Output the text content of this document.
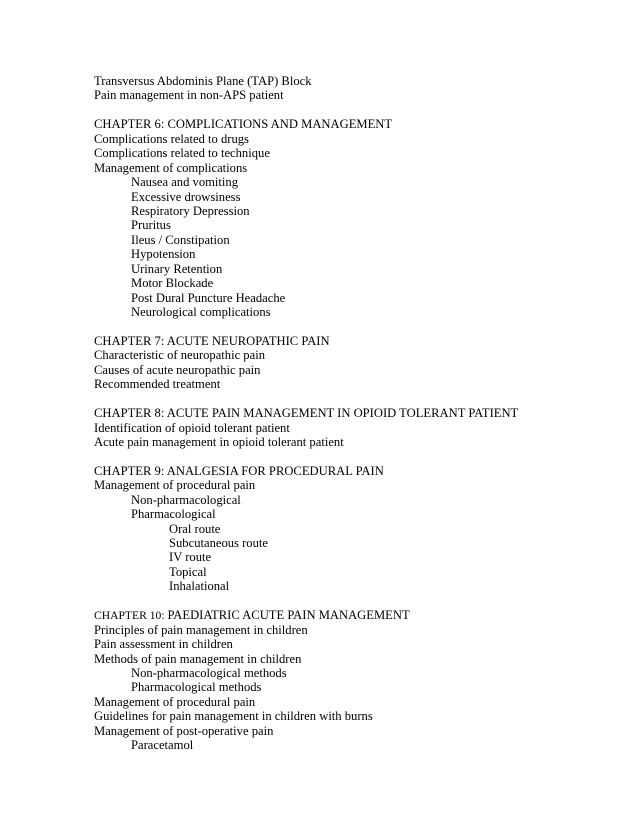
Transversus Abdominis Plane (TAP) Block
Pain management in non-APS patient
CHAPTER 6: COMPLICATIONS AND MANAGEMENT
Complications related to drugs
Complications related to technique
Management of complications
Nausea and vomiting
Excessive drowsiness
Respiratory Depression
Pruritus
Ileus / Constipation
Hypotension
Urinary Retention
Motor Blockade
Post Dural Puncture Headache
Neurological complications
CHAPTER 7: ACUTE NEUROPATHIC PAIN
Characteristic of neuropathic pain
Causes of acute neuropathic pain
Recommended treatment
CHAPTER 8: ACUTE PAIN MANAGEMENT IN OPIOID TOLERANT PATIENT
Identification of opioid tolerant patient
Acute pain management in opioid tolerant patient
CHAPTER 9: ANALGESIA FOR PROCEDURAL PAIN
Management of procedural pain
Non-pharmacological
Pharmacological
Oral route
Subcutaneous route
IV route
Topical
Inhalational
CHAPTER 10: PAEDIATRIC ACUTE PAIN MANAGEMENT
Principles of pain management in children
Pain assessment in children
Methods of pain management in children
Non-pharmacological methods
Pharmacological methods
Management of procedural pain
Guidelines for pain management in children with burns
Management of post-operative pain
Paracetamol
